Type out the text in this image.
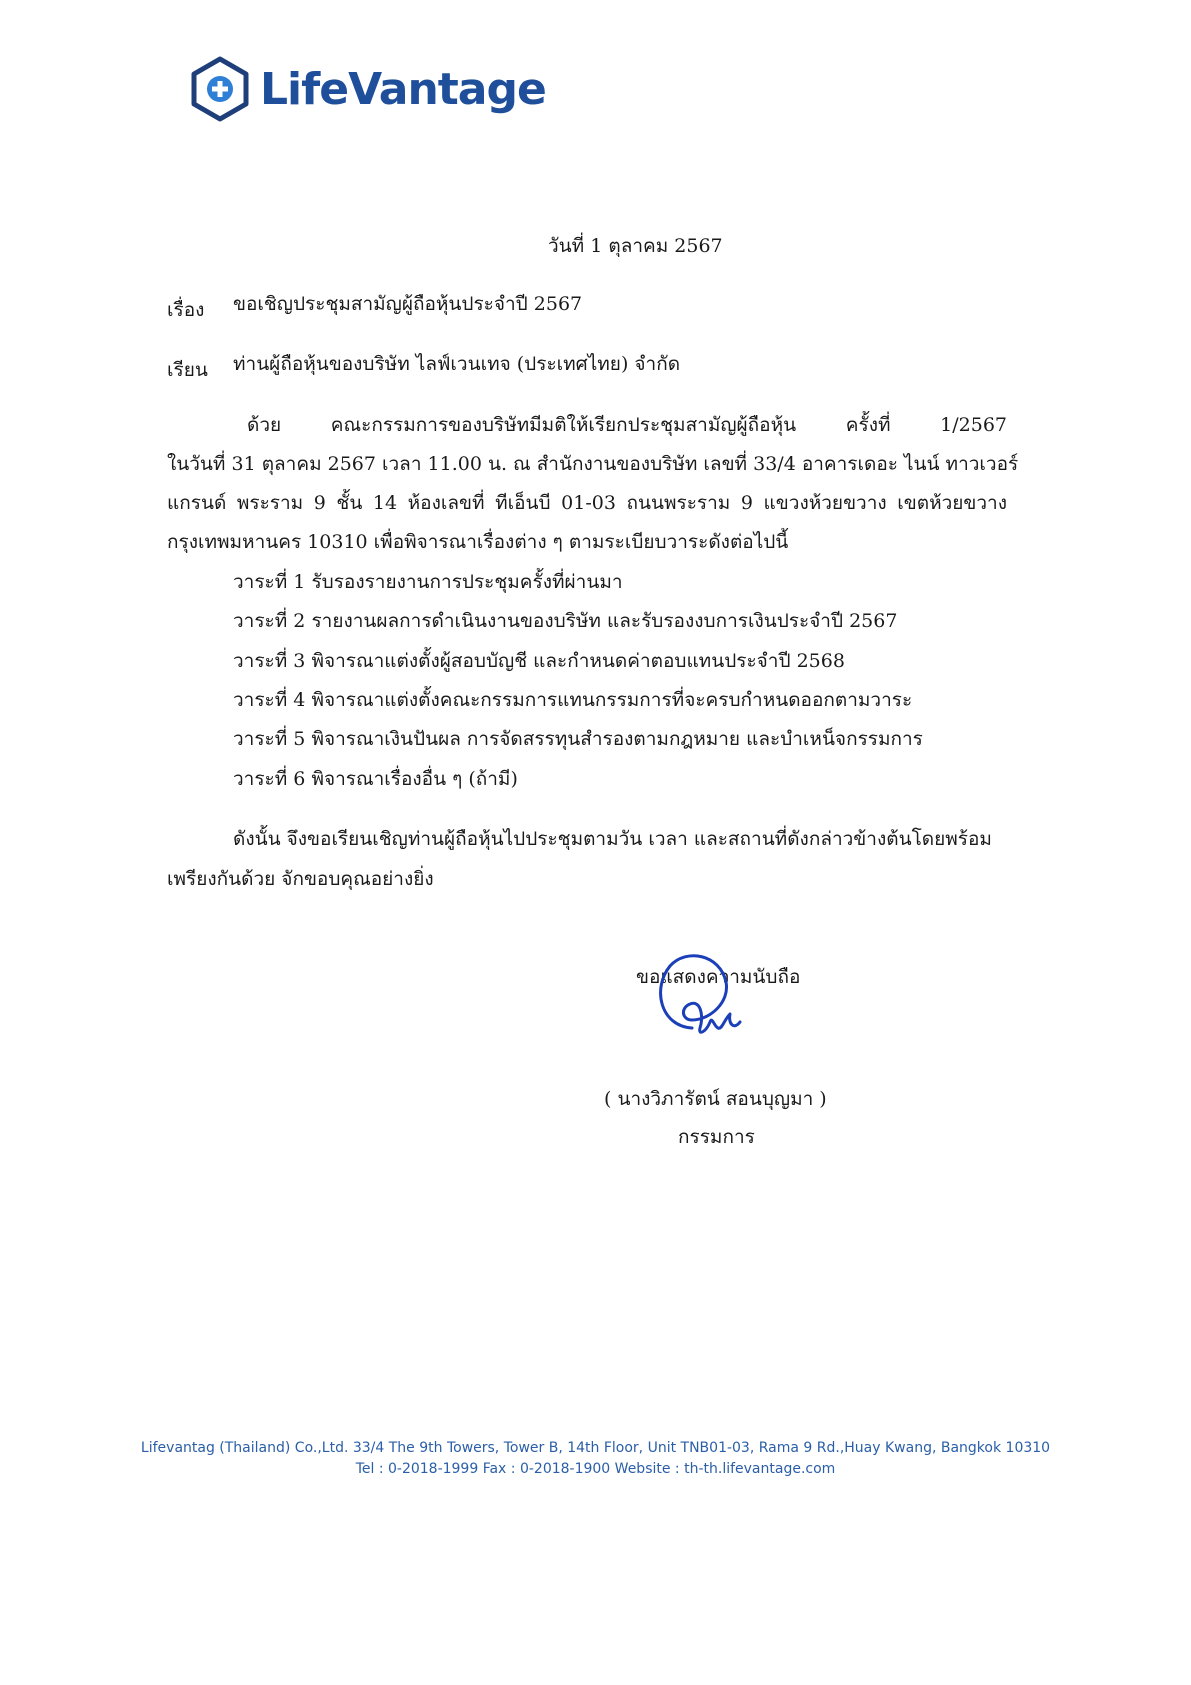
LifeVantage
วันที่ 1 ตุลาคม 2567
เรื่อง ขอเชิญประชุมสามัญผู้ถือหุ้นประจำปี 2567
เรียน ท่านผู้ถือหุ้นของบริษัท ไลฟ์เวนเทจ (ประเทศไทย) จำกัด
ด้วย คณะกรรมการของบริษัทมีมติให้เรียกประชุมสามัญผู้ถือหุ้น ครั้งที่ 1/2567
ในวันที่ 31 ตุลาคม 2567 เวลา 11.00 น. ณ สำนักงานของบริษัท เลขที่ 33/4 อาคารเดอะ ไนน์ ทาวเวอร์
แกรนด์ พระราม 9 ชั้น 14 ห้องเลขที่ ทีเอ็นบี 01-03 ถนนพระราม 9 แขวงห้วยขวาง เขตห้วยขวาง
กรุงเทพมหานคร 10310 เพื่อพิจารณาเรื่องต่าง ๆ ตามระเบียบวาระดังต่อไปนี้
วาระที่ 1 รับรองรายงานการประชุมครั้งที่ผ่านมา
วาระที่ 2 รายงานผลการดำเนินงานของบริษัท และรับรองงบการเงินประจำปี 2567
วาระที่ 3 พิจารณาแต่งตั้งผู้สอบบัญชี และกำหนดค่าตอบแทนประจำปี 2568
วาระที่ 4 พิจารณาแต่งตั้งคณะกรรมการแทนกรรมการที่จะครบกำหนดออกตามวาระ
วาระที่ 5 พิจารณาเงินปันผล การจัดสรรทุนสำรองตามกฎหมาย และบำเหน็จกรรมการ
วาระที่ 6 พิจารณาเรื่องอื่น ๆ (ถ้ามี)
ดังนั้น จึงขอเรียนเชิญท่านผู้ถือหุ้นไปประชุมตามวัน เวลา และสถานที่ดังกล่าวข้างต้นโดยพร้อม
เพรียงกันด้วย จักขอบคุณอย่างยิ่ง
ขอแสดงความนับถือ
( นางวิภารัตน์ สอนบุญมา )
กรรมการ
Lifevantag (Thailand) Co.,Ltd. 33/4 The 9th Towers, Tower B, 14th Floor, Unit TNB01-03, Rama 9 Rd.,Huay Kwang, Bangkok 10310
Tel : 0-2018-1999 Fax : 0-2018-1900 Website : th-th.lifevantage.com
